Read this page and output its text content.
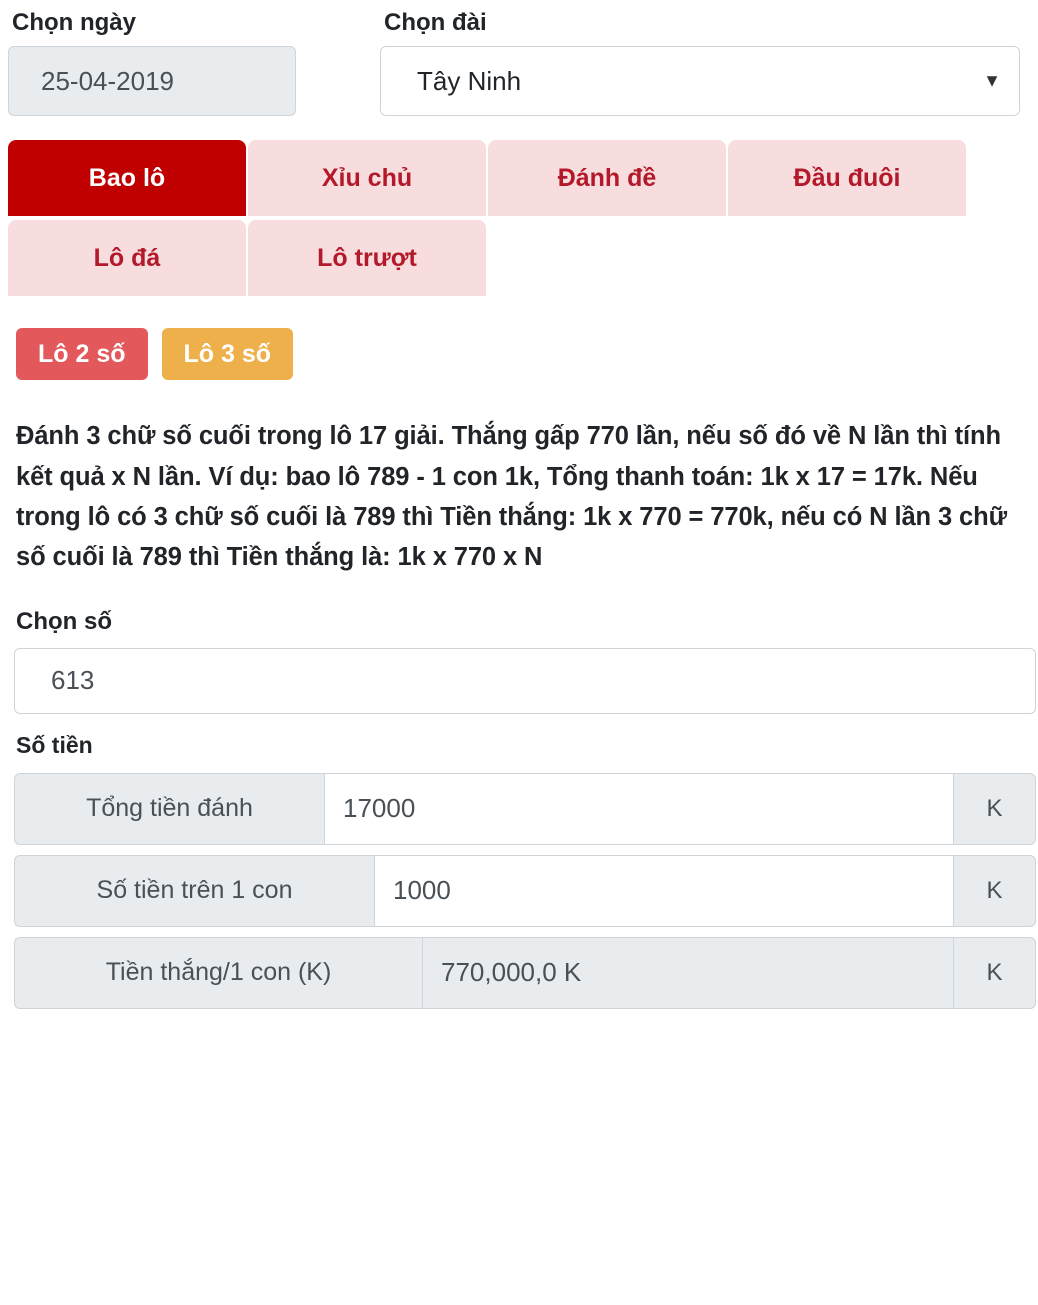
Chọn ngày
25-04-2019
Chọn đài
Tây Ninh	▼
Bao lô	Xỉu chủ	Đánh đề	Đầu đuôi
Lô đá	Lô trượt
Lô 2 số	Lô 3 số
Đánh 3 chữ số cuối trong lô 17 giải. Thắng gấp 770 lần, nếu số đó về N lần thì tính kết quả x N lần. Ví dụ: bao lô 789 - 1 con 1k, Tổng thanh toán: 1k x 17 = 17k. Nếu trong lô có 3 chữ số cuối là 789 thì Tiền thắng: 1k x 770 = 770k, nếu có N lần 3 chữ số cuối là 789 thì Tiền thắng là: 1k x 770 x N
Chọn số
613
Số tiền
Tổng tiền đánh	17000	K
Số tiền trên 1 con	1000	K
Tiền thắng/1 con (K)	770,000,0 K	K
